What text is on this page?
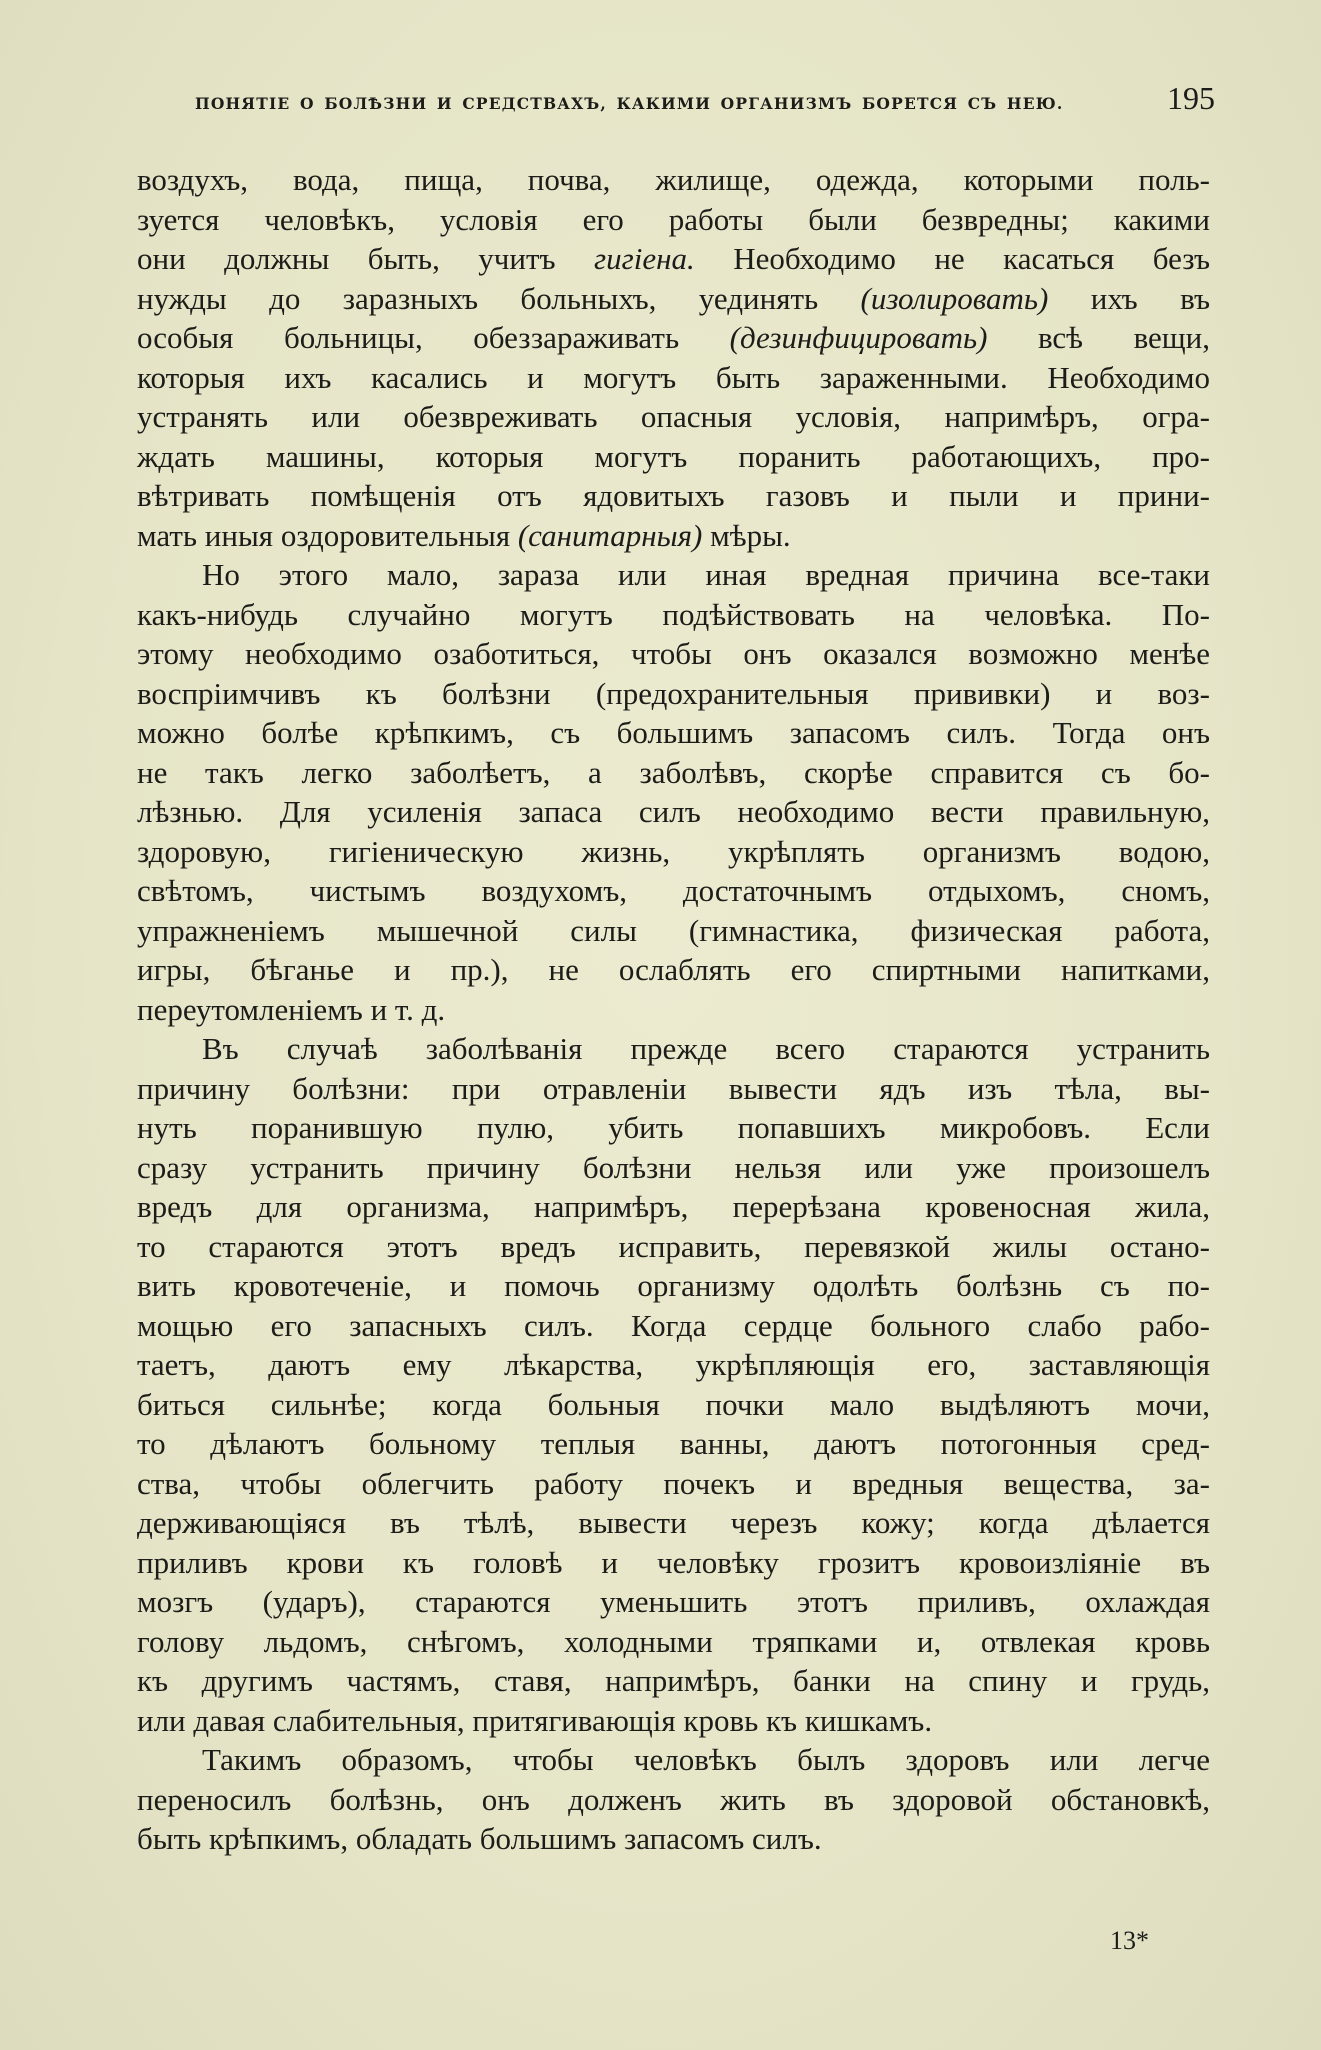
ПОНЯТІЕ О БОЛѢЗНИ И СРЕДСТВАХЪ, КАКИМИ ОРГАНИЗМЪ БОРЕТСЯ СЪ НЕЮ.	195
воздухъ, вода, пища, почва, жилище, одежда, которыми поль-
зуется человѣкъ, условія его работы были безвредны; какими
они должны быть, учитъ гигіена. Необходимо не касаться безъ
нужды до заразныхъ больныхъ, уединять (изолировать) ихъ въ
особыя больницы, обеззараживать (дезинфицировать) всѣ вещи,
которыя ихъ касались и могутъ быть зараженными. Необходимо
устранять или обезвреживать опасныя условія, напримѣръ, огра-
ждать машины, которыя могутъ поранить работающихъ, про-
вѣтривать помѣщенія отъ ядовитыхъ газовъ и пыли и прини-
мать иныя оздоровительныя (санитарныя) мѣры.
Но этого мало, зараза или иная вредная причина все-таки
какъ-нибудь случайно могутъ подѣйствовать на человѣка. По-
этому необходимо озаботиться, чтобы онъ оказался возможно менѣе
воспріимчивъ къ болѣзни (предохранительныя прививки) и воз-
можно болѣе крѣпкимъ, съ большимъ запасомъ силъ. Тогда онъ
не такъ легко заболѣетъ, а заболѣвъ, скорѣе справится съ бо-
лѣзнью. Для усиленія запаса силъ необходимо вести правильную,
здоровую, гигіеническую жизнь, укрѣплять организмъ водою,
свѣтомъ, чистымъ воздухомъ, достаточнымъ отдыхомъ, сномъ,
упражненіемъ мышечной силы (гимнастика, физическая работа,
игры, бѣганье и пр.), не ослаблять его спиртными напитками,
переутомленіемъ и т. д.
Въ случаѣ заболѣванія прежде всего стараются устранить
причину болѣзни: при отравленіи вывести ядъ изъ тѣла, вы-
нуть поранившую пулю, убить попавшихъ микробовъ. Если
сразу устранить причину болѣзни нельзя или уже произошелъ
вредъ для организма, напримѣръ, перерѣзана кровеносная жила,
то стараются этотъ вредъ исправить, перевязкой жилы остано-
вить кровотеченіе, и помочь организму одолѣть болѣзнь съ по-
мощью его запасныхъ силъ. Когда сердце больного слабо рабо-
таетъ, даютъ ему лѣкарства, укрѣпляющія его, заставляющія
биться сильнѣе; когда больныя почки мало выдѣляютъ мочи,
то дѣлаютъ больному теплыя ванны, даютъ потогонныя сред-
ства, чтобы облегчить работу почекъ и вредныя вещества, за-
держивающіяся въ тѣлѣ, вывести черезъ кожу; когда дѣлается
приливъ крови къ головѣ и человѣку грозитъ кровоизліяніе въ
мозгъ (ударъ), стараются уменьшить этотъ приливъ, охлаждая
голову льдомъ, снѣгомъ, холодными тряпками и, отвлекая кровь
къ другимъ частямъ, ставя, напримѣръ, банки на спину и грудь,
или давая слабительныя, притягивающія кровь къ кишкамъ.
Такимъ образомъ, чтобы человѣкъ былъ здоровъ или легче
переносилъ болѣзнь, онъ долженъ жить въ здоровой обстановкѣ,
быть крѣпкимъ, обладать большимъ запасомъ силъ.
13*
